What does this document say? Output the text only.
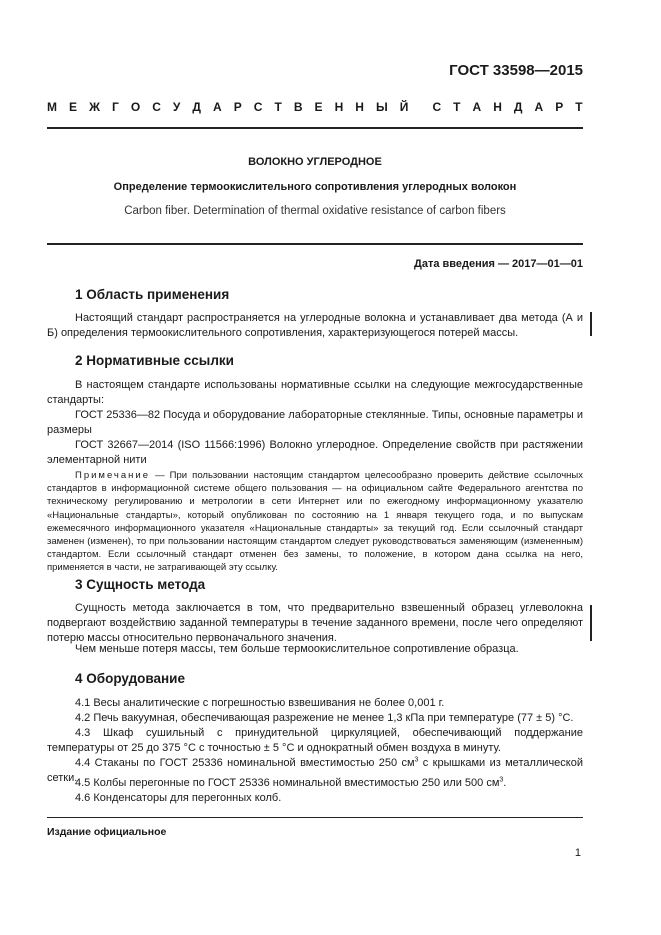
ГОСТ 33598—2015
М Е Ж Г О С У Д А Р С Т В Е Н Н Ы Й С Т А Н Д А Р Т
ВОЛОКНО УГЛЕРОДНОЕ
Определение термоокислительного сопротивления углеродных волокон
Carbon fiber. Determination of thermal oxidative resistance of carbon fibers
Дата введения — 2017—01—01
1 Область применения
Настоящий стандарт распространяется на углеродные волокна и устанавливает два метода (А и Б) определения термоокислительного сопротивления, характеризующегося потерей массы.
2 Нормативные ссылки
В настоящем стандарте использованы нормативные ссылки на следующие межгосударственные стандарты:
ГОСТ 25336—82 Посуда и оборудование лабораторные стеклянные. Типы, основные параметры и размеры
ГОСТ 32667—2014 (ISO 11566:1996) Волокно углеродное. Определение свойств при растяжении элементарной нити
Примечание — При пользовании настоящим стандартом целесообразно проверить действие ссылочных стандартов в информационной системе общего пользования — на официальном сайте Федерального агентства по техническому регулированию и метрологии в сети Интернет или по ежегодному информационному указателю «Национальные стандарты», который опубликован по состоянию на 1 января текущего года, и по выпускам ежемесячного информационного указателя «Национальные стандарты» за текущий год. Если ссылочный стандарт заменен (изменен), то при пользовании настоящим стандартом следует руководствоваться заменяющим (измененным) стандартом. Если ссылочный стандарт отменен без замены, то положение, в котором дана ссылка на него, применяется в части, не затрагивающей эту ссылку.
3 Сущность метода
Сущность метода заключается в том, что предварительно взвешенный образец углеволокна подвергают воздействию заданной температуры в течение заданного времени, после чего определяют потерю массы относительно первоначального значения.
Чем меньше потеря массы, тем больше термоокислительное сопротивление образца.
4 Оборудование
4.1 Весы аналитические с погрешностью взвешивания не более 0,001 г.
4.2 Печь вакуумная, обеспечивающая разрежение не менее 1,3 кПа при температуре (77 ± 5) °С.
4.3 Шкаф сушильный с принудительной циркуляцией, обеспечивающий поддержание температуры от 25 до 375 °С с точностью ± 5 °С и однократный обмен воздуха в минуту.
4.4 Стаканы по ГОСТ 25336 номинальной вместимостью 250 $см^3$ с крышками из металлической сетки.
4.5 Колбы перегонные по ГОСТ 25336 номинальной вместимостью 250 или 500 $см^3$.
4.6 Конденсаторы для перегонных колб.
Издание официальное
1
